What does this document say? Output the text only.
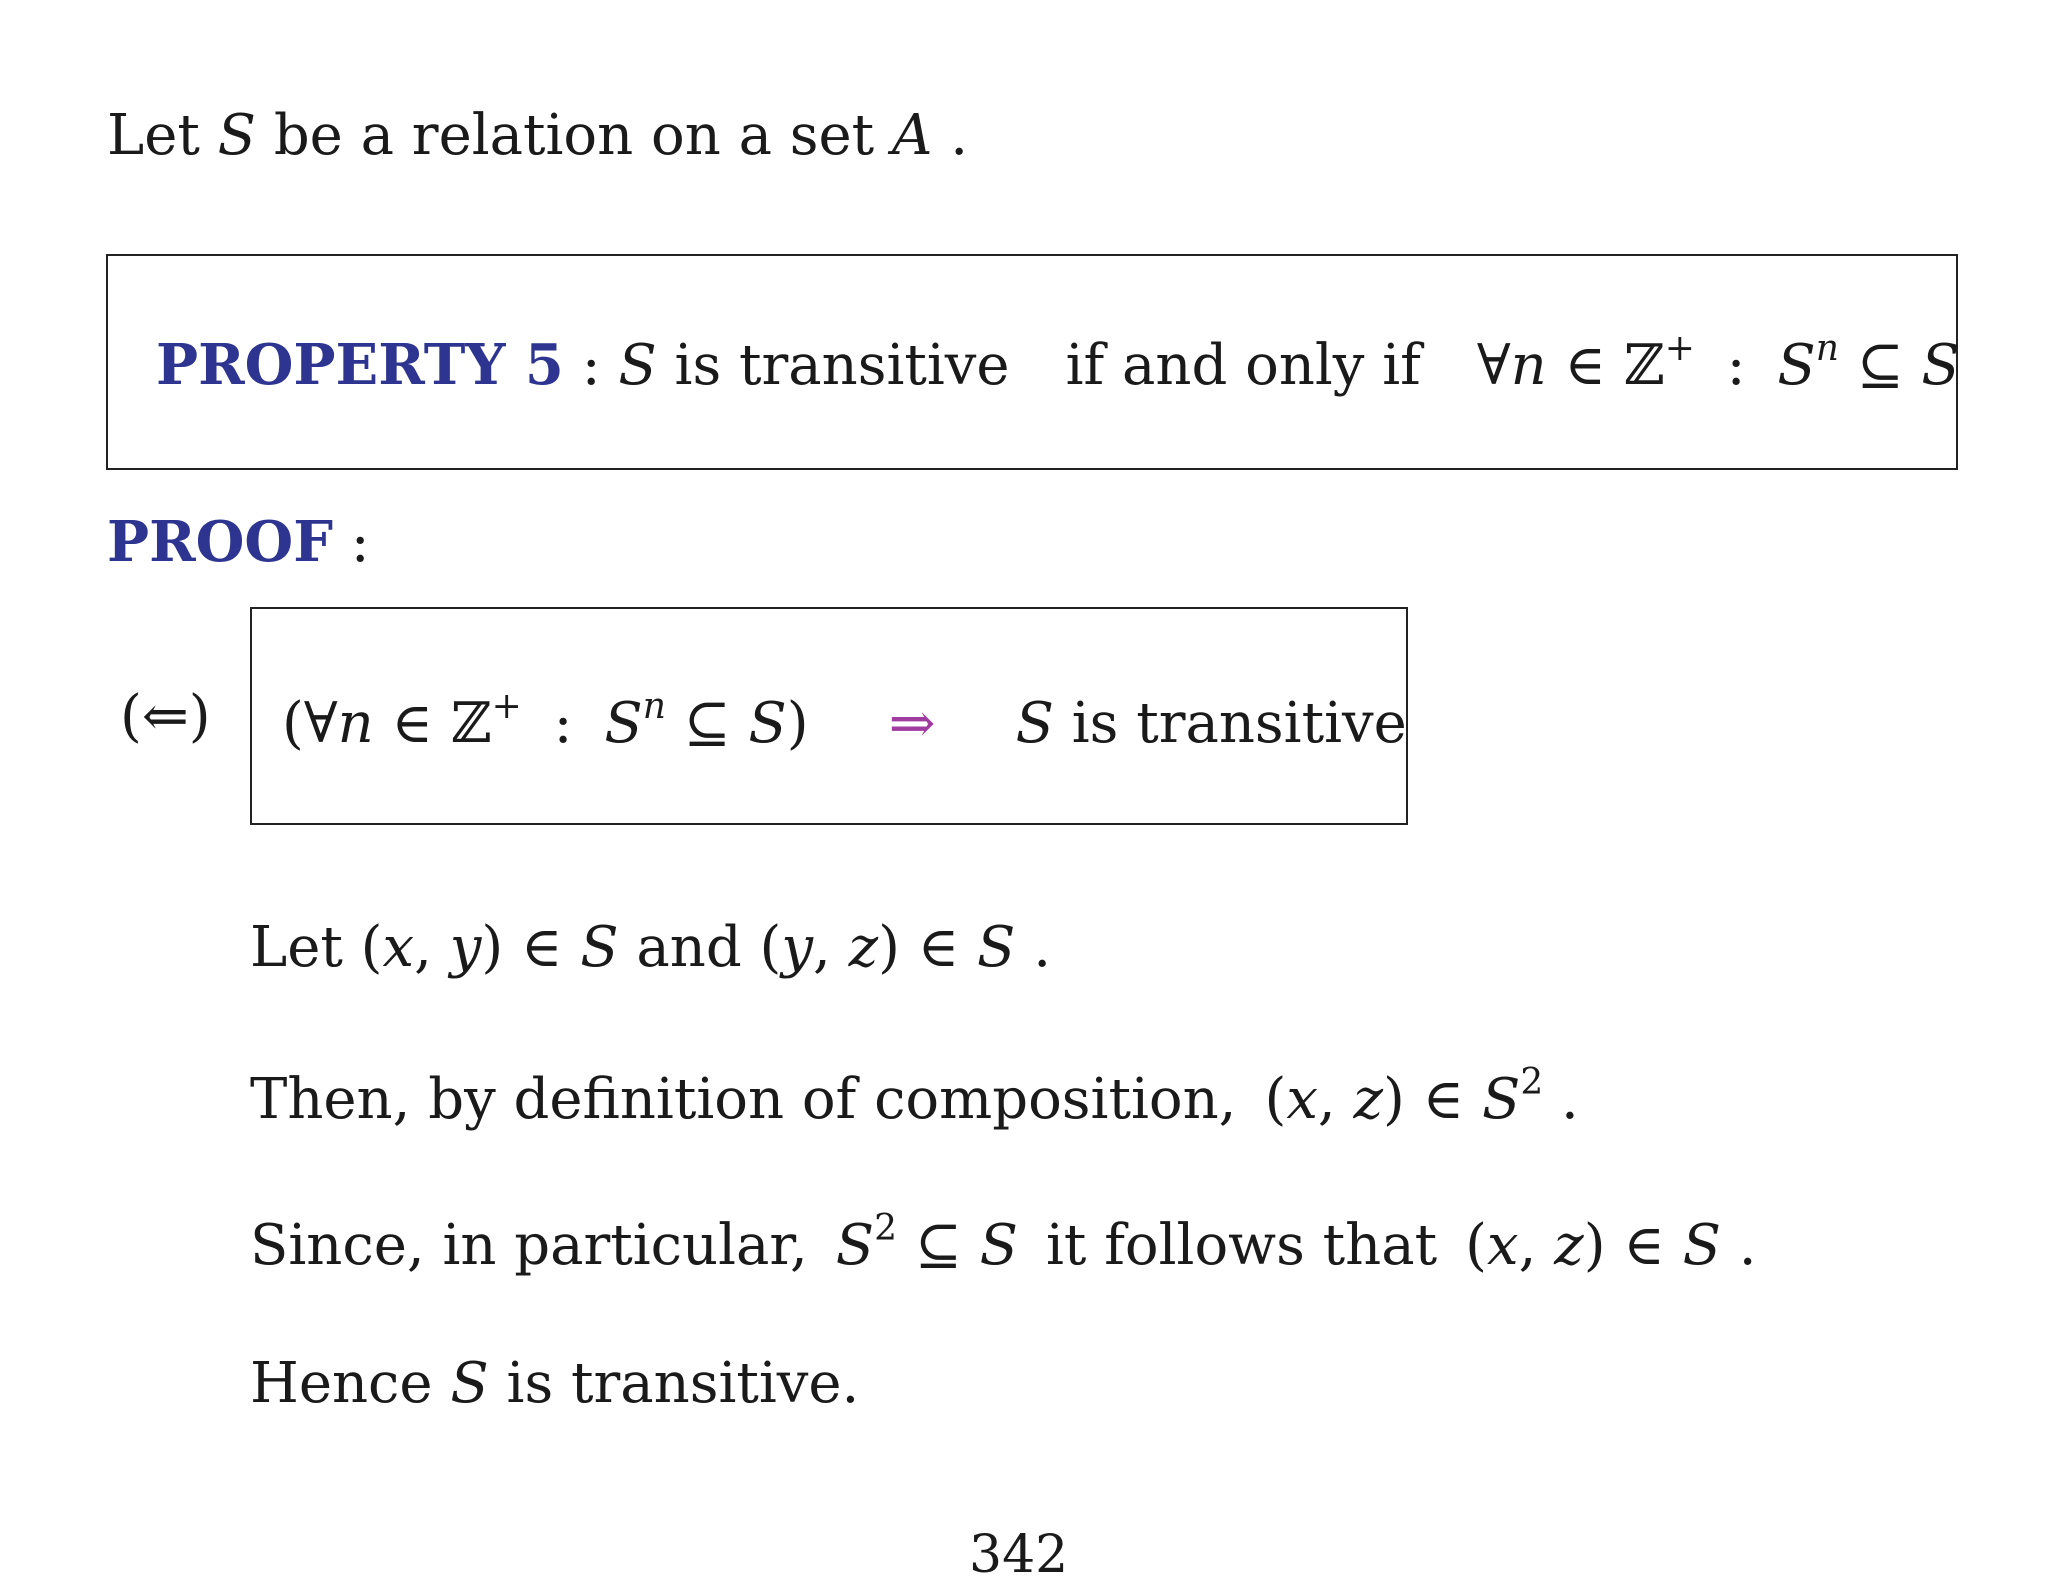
Let S be a relation on a set A .
PROPERTY 5 : S is transitive if and only if ∀n ∈ ℤ+ : $S^n$ ⊆ S
PROOF :
(⇐) (∀n ∈ ℤ+ : $S^n$ ⊆ S) ⇒ S is transitive
Let (x, y) ∈ S and (y, z) ∈ S .
Then, by definition of composition, (x, z) ∈ $S^2$ .
Since, in particular, $S^2$ ⊆ S it follows that (x, z) ∈ S .
Hence S is transitive.
342
